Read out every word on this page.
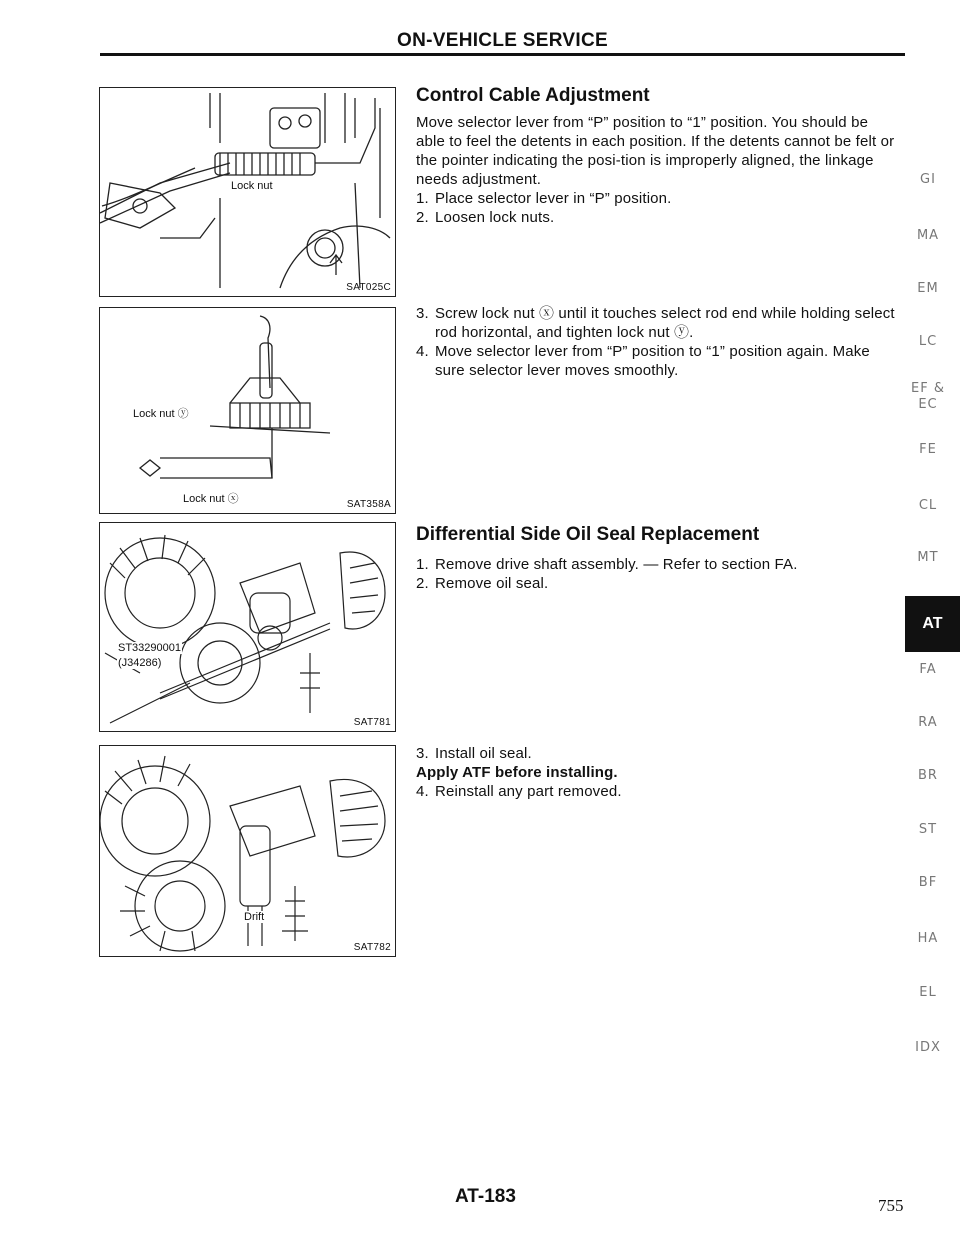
ON-VEHICLE SERVICE
Lock nut
SAT025C
Lock nut ⓨ
Lock nut ⓧ	SAT358A
ST33290001
(J34286)
SAT781
Drift
SAT782
Control Cable Adjustment
Move selector lever from “P” position to “1” position. You should be able to feel the detents in each position. If the detents cannot be felt or the pointer indicating the posi-tion is improperly aligned, the linkage needs adjustment.
1. Place selector lever in “P” position.
2. Loosen lock nuts.
3. Screw lock nut ⓧ until it touches select rod end while holding select rod horizontal, and tighten lock nut ⓨ.
4. Move selector lever from “P” position to “1” position again. Make sure selector lever moves smoothly.
Differential Side Oil Seal Replacement
1. Remove drive shaft assembly. — Refer to section FA.
2. Remove oil seal.
3. Install oil seal.
Apply ATF before installing.
4. Reinstall any part removed.
GI
MA
EM
LC
EF &
EC
FE
CL
MT
AT
FA
RA
BR
ST
BF
HA
EL
IDX
AT-183	755
